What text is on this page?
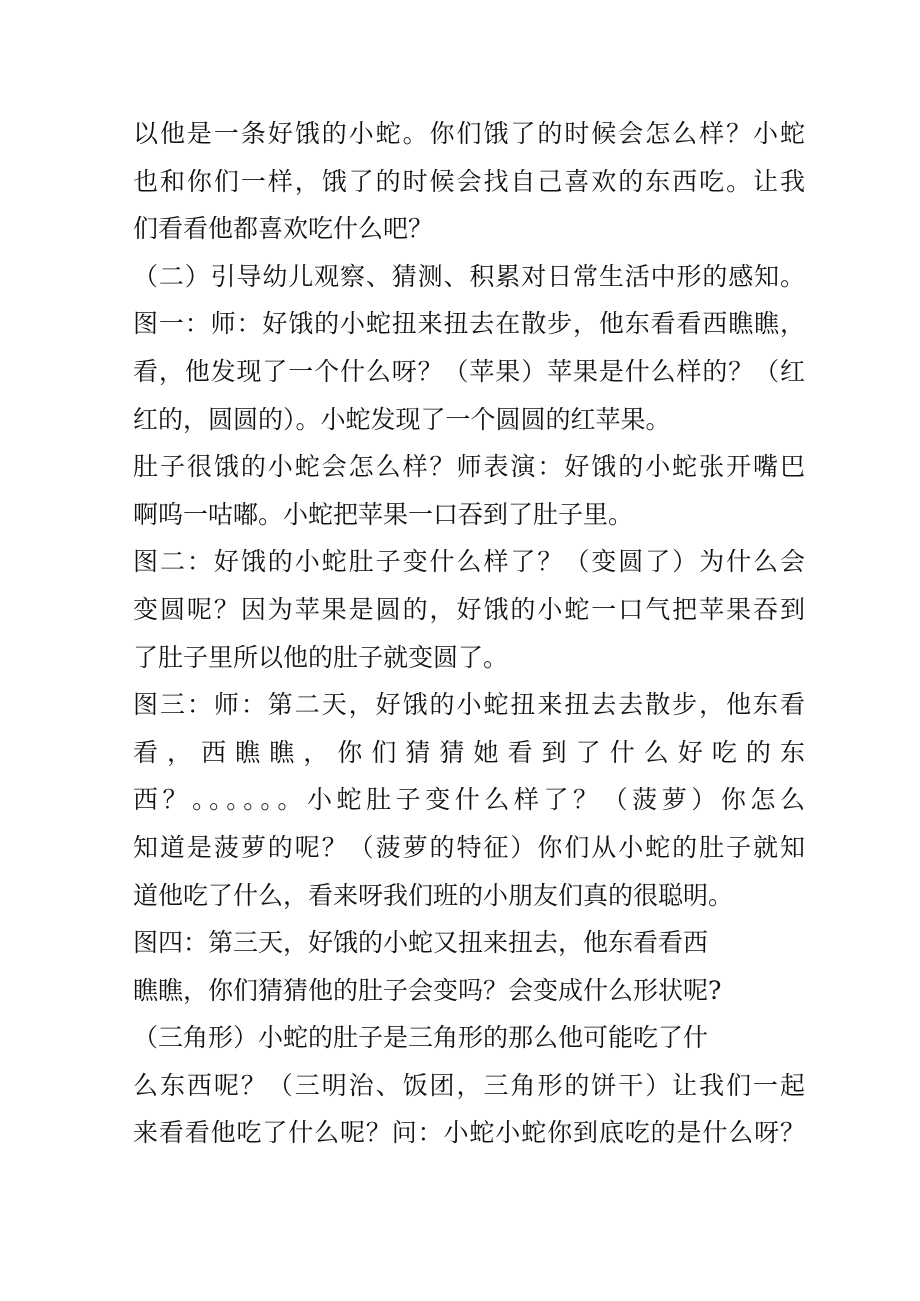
以他是一条好饿的小蛇。你们饿了的时候会怎么样？小蛇
也和你们一样，饿了的时候会找自己喜欢的东西吃。让我
们看看他都喜欢吃什么吧？
（二）引导幼儿观察、猜测、积累对日常生活中形的感知。
图一：师：好饿的小蛇扭来扭去在散步，他东看看西瞧瞧，
看，他发现了一个什么呀？（苹果）苹果是什么样的？（红
红的，圆圆的）。小蛇发现了一个圆圆的红苹果。
肚子很饿的小蛇会怎么样？师表演：好饿的小蛇张开嘴巴
啊呜一咕嘟。小蛇把苹果一口吞到了肚子里。
图二：好饿的小蛇肚子变什么样了？（变圆了）为什么会
变圆呢？因为苹果是圆的，好饿的小蛇一口气把苹果吞到
了肚子里所以他的肚子就变圆了。
图三：师：第二天，好饿的小蛇扭来扭去去散步，他东看
看，西瞧瞧，你们猜猜她看到了什么好吃的东
西？。。。。。。小蛇肚子变什么样了？（菠萝）你怎么
知道是菠萝的呢？（菠萝的特征）你们从小蛇的肚子就知
道他吃了什么，看来呀我们班的小朋友们真的很聪明。
图四：第三天，好饿的小蛇又扭来扭去，他东看看西
瞧瞧，你们猜猜他的肚子会变吗？会变成什么形状呢?
（三角形）小蛇的肚子是三角形的那么他可能吃了什
么东西呢？（三明治、饭团，三角形的饼干）让我们一起
来看看他吃了什么呢？问：小蛇小蛇你到底吃的是什么呀？
